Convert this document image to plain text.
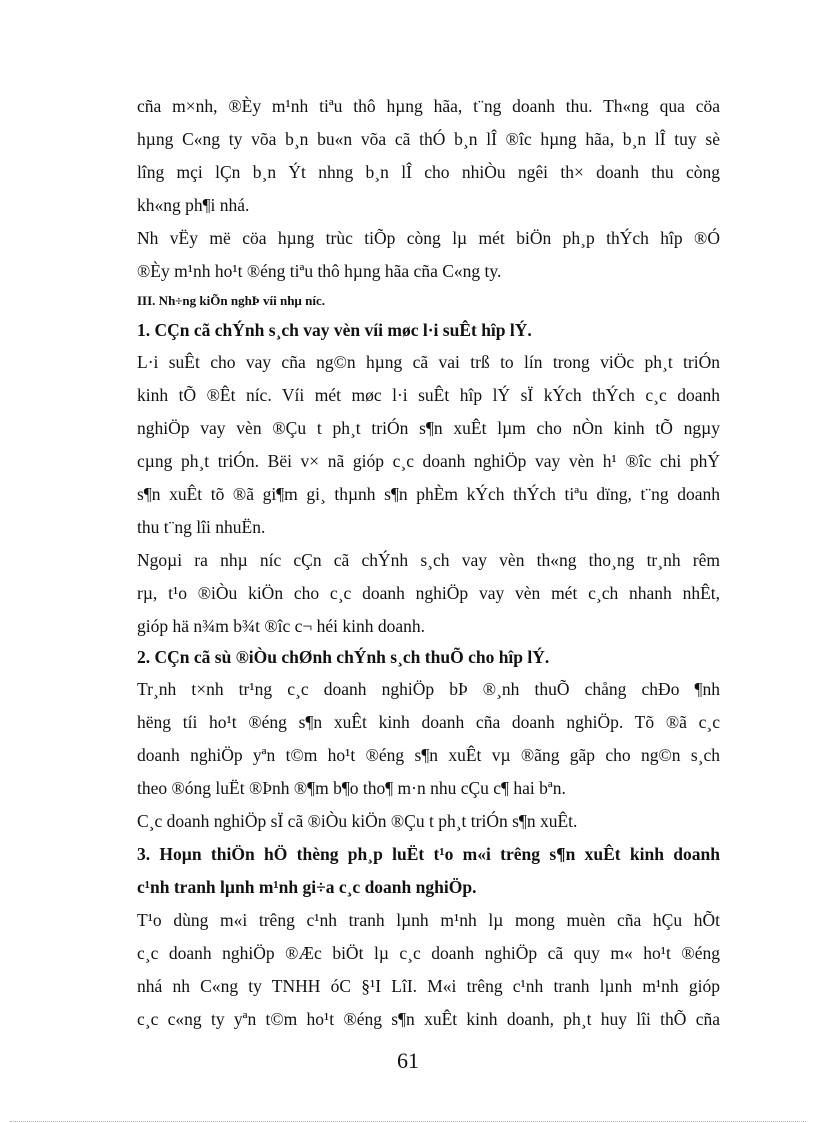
cña m×nh, ®Èy m¹nh tiªu thô hµng hãa, t¨ng doanh thu. Th«ng qua cöa
hµng C«ng ty võa b¸n bu«n võa cã thÓ b¸n lÎ ®îc hµng hãa, b¸n lÎ tuy sè
lîng mçi lÇn b¸n Ýt nhng b¸n lÎ cho nhiÒu ngêi th× doanh thu còng
kh«ng ph¶i nhá.
Nh vËy më cöa hµng trùc tiÕp còng lµ mét biÖn ph¸p thÝch hîp ®Ó
®Èy m¹nh ho¹t ®éng tiªu thô hµng hãa cña C«ng ty.
III. Nh÷ng kiÕn nghÞ víi nhµ níc.
1. CÇn cã chÝnh s¸ch vay vèn víi møc l·i suÊt hîp lÝ.
L·i suÊt cho vay cña ng©n hµng cã vai trß to lín trong viÖc ph¸t triÓn
kinh tÕ ®Êt níc. Víi mét møc l·i suÊt hîp lÝ sÏ kÝch thÝch c¸c doanh
nghiÖp vay vèn ®Çu t ph¸t triÓn s¶n xuÊt lµm cho nÒn kinh tÕ ngµy
cµng ph¸t triÓn. Bëi v× nã gióp c¸c doanh nghiÖp vay vèn h¹ ®îc chi phÝ
s¶n xuÊt tõ ®ã gi¶m gi¸ thµnh s¶n phÈm kÝch thÝch tiªu dïng, t¨ng doanh
thu t¨ng lîi nhuËn.
Ngoµi ra nhµ níc cÇn cã chÝnh s¸ch vay vèn th«ng tho¸ng tr¸nh rêm
rµ, t¹o ®iÒu kiÖn cho c¸c doanh nghiÖp vay vèn mét c¸ch nhanh nhÊt,
gióp hä n¾m b¾t ®îc c¬ héi kinh doanh.
2. CÇn cã sù ®iÒu chØnh chÝnh s¸ch thuÕ cho hîp lÝ.
Tr¸nh t×nh tr¹ng c¸c doanh nghiÖp bÞ ®¸nh thuÕ chång chÐo ¶nh
hëng tíi ho¹t ®éng s¶n xuÊt kinh doanh cña doanh nghiÖp. Tõ ®ã c¸c
doanh nghiÖp yªn t©m ho¹t ®éng s¶n xuÊt vµ ®ãng gãp cho ng©n s¸ch
theo ®óng luËt ®Þnh ®¶m b¶o tho¶ m·n nhu cÇu c¶ hai bªn.
C¸c doanh nghiÖp sÏ cã ®iÒu kiÖn ®Çu t ph¸t triÓn s¶n xuÊt.
3. Hoµn thiÖn hÖ thèng ph¸p luËt t¹o m«i trêng s¶n xuÊt kinh doanh
c¹nh tranh lµnh m¹nh gi÷a c¸c doanh nghiÖp.
T¹o dùng m«i trêng c¹nh tranh lµnh m¹nh lµ mong muèn cña hÇu hÕt
c¸c doanh nghiÖp ®Æc biÖt lµ c¸c doanh nghiÖp cã quy m« ho¹t ®éng
nhá nh C«ng ty TNHH óC §¹I LîI. M«i trêng c¹nh tranh lµnh m¹nh gióp
c¸c c«ng ty yªn t©m ho¹t ®éng s¶n xuÊt kinh doanh, ph¸t huy lîi thÕ cña
61
